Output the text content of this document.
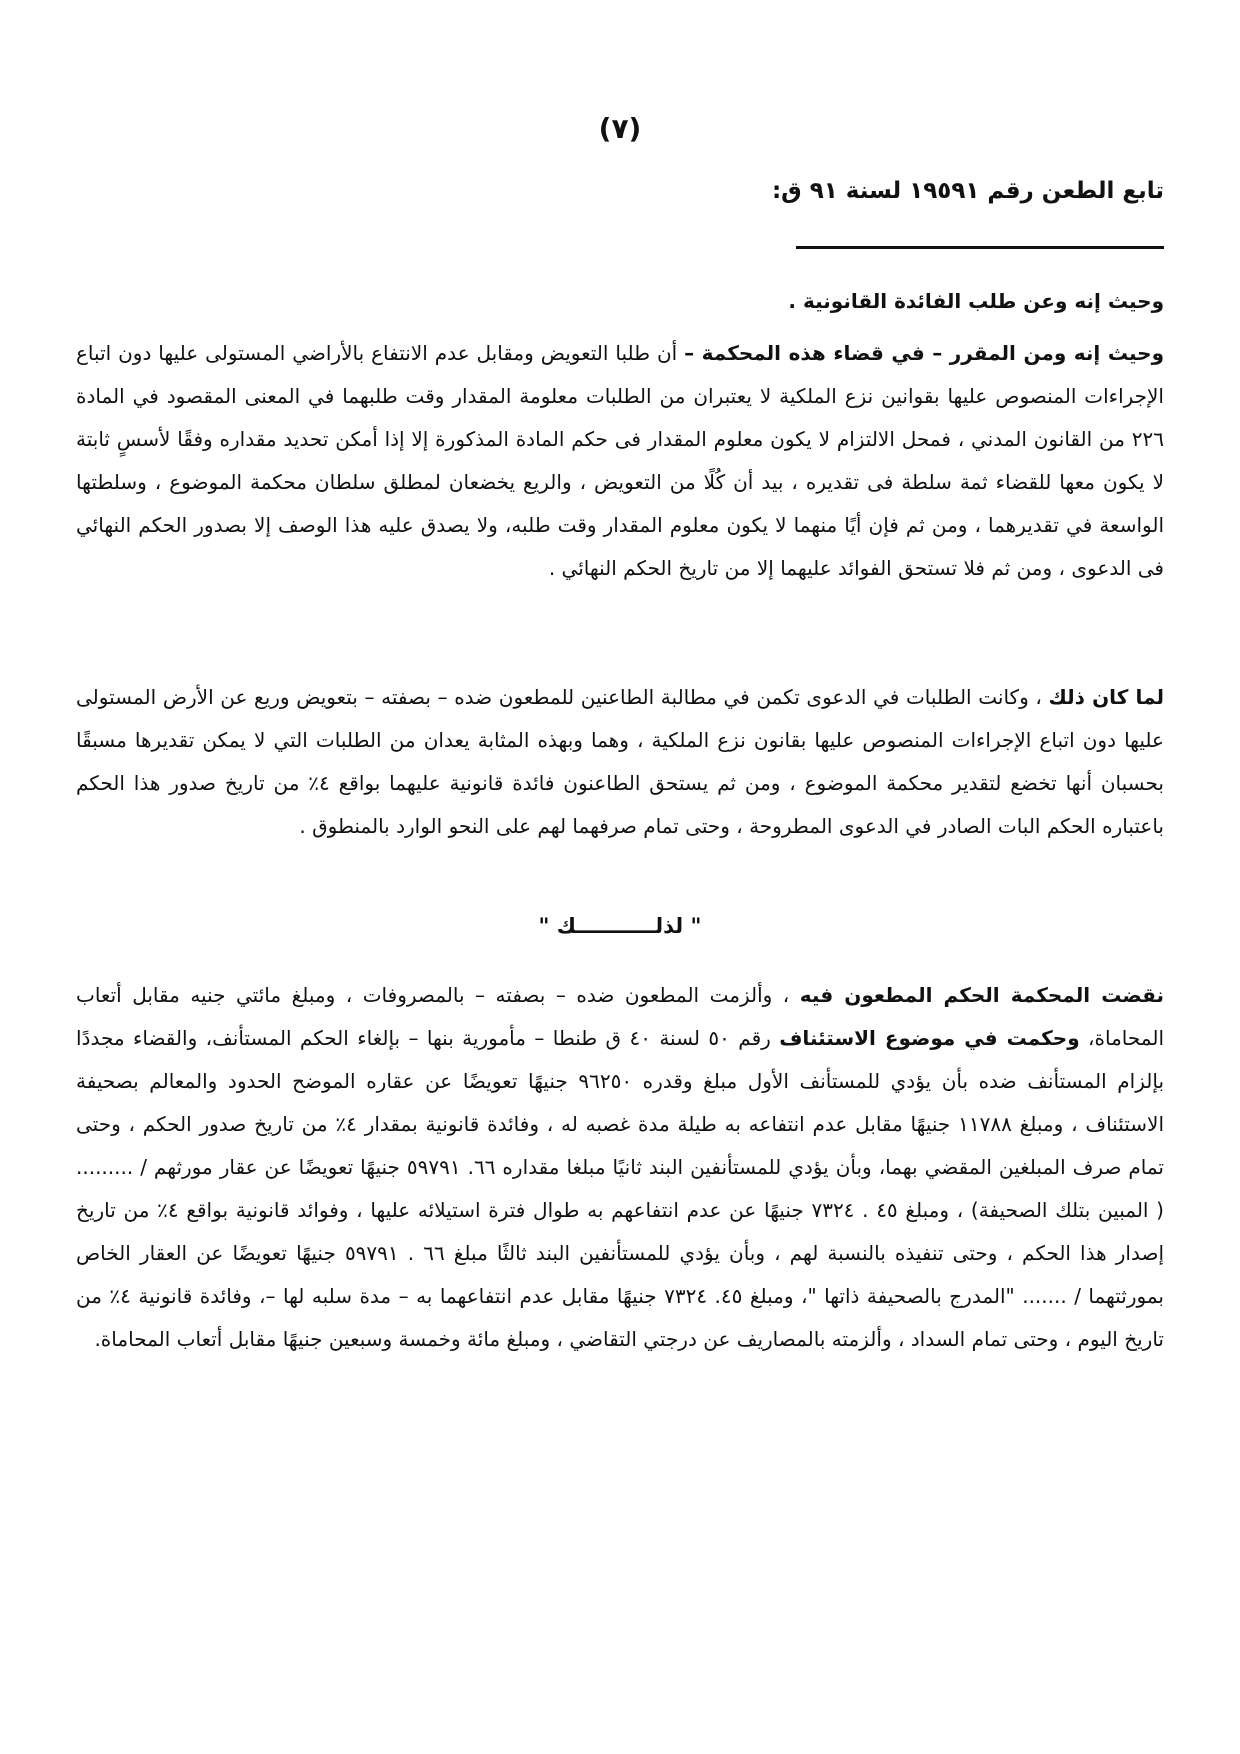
(٧)
تابع الطعن رقم ١٩٥٩١ لسنة ٩١ ق:

وحيث إنه وعن طلب الفائدة القانونية .

وحيث إنه ومن المقرر – في قضاء هذه المحكمة – أن طلبا التعويض ومقابل عدم الانتفاع بالأراضي المستولى عليها دون اتباع الإجراءات المنصوص عليها بقوانين نزع الملكية لا يعتبران من الطلبات معلومة المقدار وقت طلبهما في المعنى المقصود في المادة ٢٢٦ من القانون المدني ، فمحل الالتزام لا يكون معلوم المقدار فى حكم المادة المذكورة إلا إذا أمكن تحديد مقداره وفقًا لأسسٍ ثابتة لا يكون معها للقضاء ثمة سلطة فى تقديره ، بيد أن كُلًا من التعويض ، والريع يخضعان لمطلق سلطان محكمة الموضوع ، وسلطتها الواسعة في تقديرهما ، ومن ثم فإن أيًا منهما لا يكون معلوم المقدار وقت طلبه، ولا يصدق عليه هذا الوصف إلا بصدور الحكم النهائي فى الدعوى ، ومن ثم فلا تستحق الفوائد عليهما إلا من تاريخ الحكم النهائي .

لما كان ذلك ، وكانت الطلبات في الدعوى تكمن في مطالبة الطاعنين للمطعون ضده – بصفته – بتعويض وريع عن الأرض المستولى عليها دون اتباع الإجراءات المنصوص عليها بقانون نزع الملكية ، وهما وبهذه المثابة يعدان من الطلبات التي لا يمكن تقديرها مسبقًا بحسبان أنها تخضع لتقدير محكمة الموضوع ، ومن ثم يستحق الطاعنون فائدة قانونية عليهما بواقع ٤٪ من تاريخ صدور هذا الحكم باعتباره الحكم البات الصادر في الدعوى المطروحة ، وحتى تمام صرفهما لهم على النحو الوارد بالمنطوق .

" لذلـــــــــــك "

نقضت المحكمة الحكم المطعون فيه ، وألزمت المطعون ضده – بصفته – بالمصروفات ، ومبلغ مائتي جنيه مقابل أتعاب المحاماة، وحكمت في موضوع الاستئناف رقم ٥٠ لسنة ٤٠ ق طنطا – مأمورية بنها – بإلغاء الحكم المستأنف، والقضاء مجددًا بإلزام المستأنف ضده بأن يؤدي للمستأنف الأول مبلغ وقدره ٩٦٢٥٠ جنيهًا تعويضًا عن عقاره الموضح الحدود والمعالم بصحيفة الاستئناف ، ومبلغ ١١٧٨٨ جنيهًا مقابل عدم انتفاعه به طيلة مدة غصبه له ، وفائدة قانونية بمقدار ٤٪ من تاريخ صدور الحكم ، وحتى تمام صرف المبلغين المقضي بهما، وبأن يؤدي للمستأنفين البند ثانيًا مبلغا مقداره ٦٦. ٥٩٧٩١ جنيهًا تعويضًا عن عقار مورثهم / ......... ( المبين بتلك الصحيفة) ، ومبلغ ٤٥ . ٧٣٢٤ جنيهًا عن عدم انتفاعهم به طوال فترة استيلائه عليها ، وفوائد قانونية بواقع ٤٪ من تاريخ إصدار هذا الحكم ، وحتى تنفيذه بالنسبة لهم ، وبأن يؤدي للمستأنفين البند ثالثًا مبلغ ٦٦ . ٥٩٧٩١ جنيهًا تعويضًا عن العقار الخاص بمورثتهما / ....... "المدرج بالصحيفة ذاتها "، ومبلغ ٤٥. ٧٣٢٤ جنيهًا مقابل عدم انتفاعهما به – مدة سلبه لها –، وفائدة قانونية ٤٪ من تاريخ اليوم ، وحتى تمام السداد ، وألزمته بالمصاريف عن درجتي التقاضي ، ومبلغ مائة وخمسة وسبعين جنيهًا مقابل أتعاب المحاماة.
